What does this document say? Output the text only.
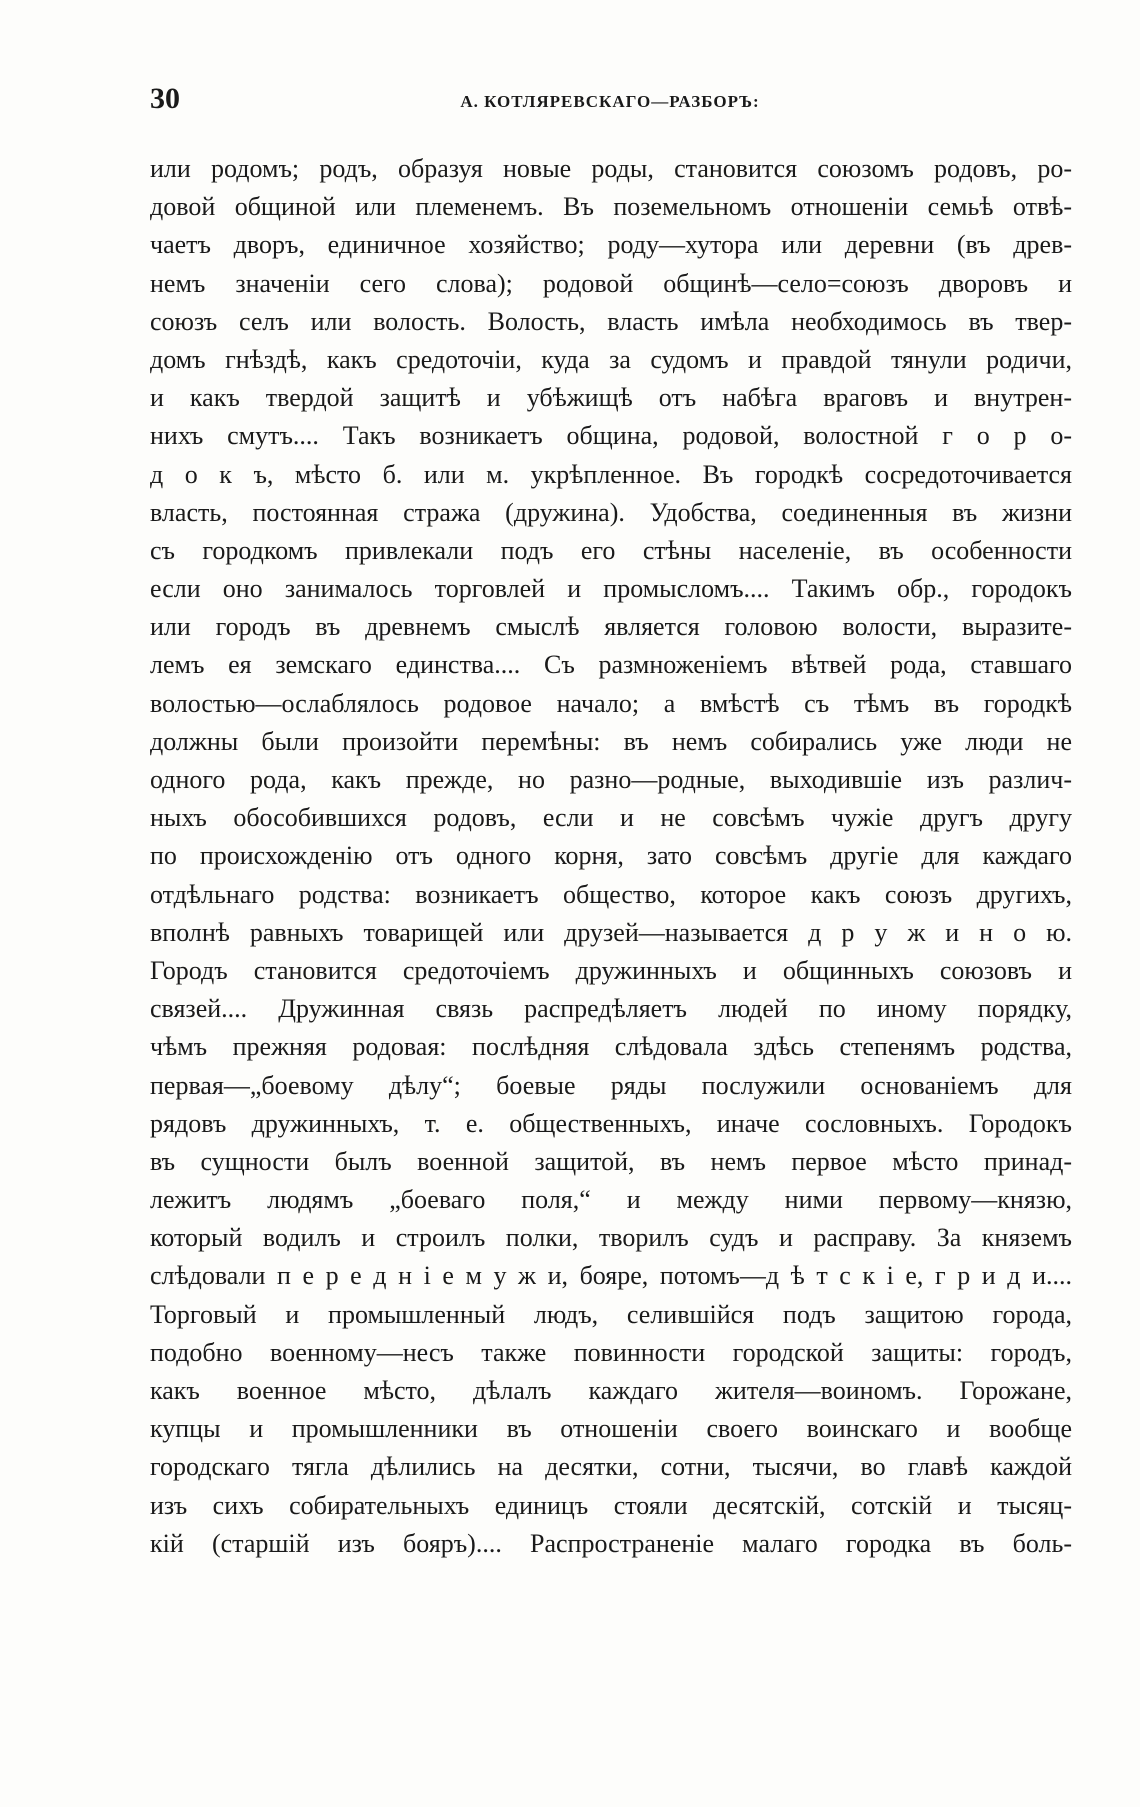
30	А. КОТЛЯРЕВСКАГО—РАЗБОРЪ:
или родомъ; родъ, образуя новые роды, становится союзомъ родовъ, ро-
довой общиной или племенемъ. Въ поземельномъ отношеніи семьѣ отвѣ-
чаетъ дворъ, единичное хозяйство; роду—хутора или деревни (въ древ-
немъ значеніи сего слова); родовой общинѣ—село=союзъ дворовъ и
союзъ селъ или волость. Волость, власть имѣла необходимось въ твер-
домъ гнѣздѣ, какъ средоточіи, куда за судомъ и правдой тянули родичи,
и какъ твердой защитѣ и убѣжищѣ отъ набѣга враговъ и внутрен-
нихъ смутъ.... Такъ возникаетъ община, родовой, волостной г о р о-
д о к ъ, мѣсто б. или м. укрѣпленное. Въ городкѣ сосредоточивается
власть, постоянная стража (дружина). Удобства, соединенныя въ жизни
съ городкомъ привлекали подъ его стѣны населеніе, въ особенности
если оно занималось торговлей и промысломъ.... Такимъ обр., городокъ
или городъ въ древнемъ смыслѣ является головою волости, выразите-
лемъ ея земскаго единства.... Съ размноженіемъ вѣтвей рода, ставшаго
волостью—ослаблялось родовое начало; а вмѣстѣ съ тѣмъ въ городкѣ
должны были произойти перемѣны: въ немъ собирались уже люди не
одного рода, какъ прежде, но разно—родные, выходившіе изъ различ-
ныхъ обособившихся родовъ, если и не совсѣмъ чужіе другъ другу
по происхожденію отъ одного корня, зато совсѣмъ другіе для каждаго
отдѣльнаго родства: возникаетъ общество, которое какъ союзъ другихъ,
вполнѣ равныхъ товарищей или друзей—называется д р у ж и н о ю.
Городъ становится средоточіемъ дружинныхъ и общинныхъ союзовъ и
связей.... Дружинная связь распредѣляетъ людей по иному порядку,
чѣмъ прежняя родовая: послѣдняя слѣдовала здѣсь степенямъ родства,
первая—„боевому дѣлу“; боевые ряды послужили основаніемъ для
рядовъ дружинныхъ, т. е. общественныхъ, иначе сословныхъ. Городокъ
въ сущности былъ военной защитой, въ немъ первое мѣсто принад-
лежитъ людямъ „боеваго поля,“ и между ними первому—князю,
который водилъ и строилъ полки, творилъ судъ и расправу. За княземъ
слѣдовали п е р е д н і е м у ж и, бояре, потомъ—д ѣ т с к і е, г р и д и....
Торговый и промышленный людъ, селившійся подъ защитою города,
подобно военному—несъ также повинности городской защиты: городъ,
какъ военное мѣсто, дѣлалъ каждаго жителя—воиномъ. Горожане,
купцы и промышленники въ отношеніи своего воинскаго и вообще
городскаго тягла дѣлились на десятки, сотни, тысячи, во главѣ каждой
изъ сихъ собирательныхъ единицъ стояли десятскій, сотскій и тысяц-
кій (старшій изъ бояръ).... Распространеніе малаго городка въ боль-
